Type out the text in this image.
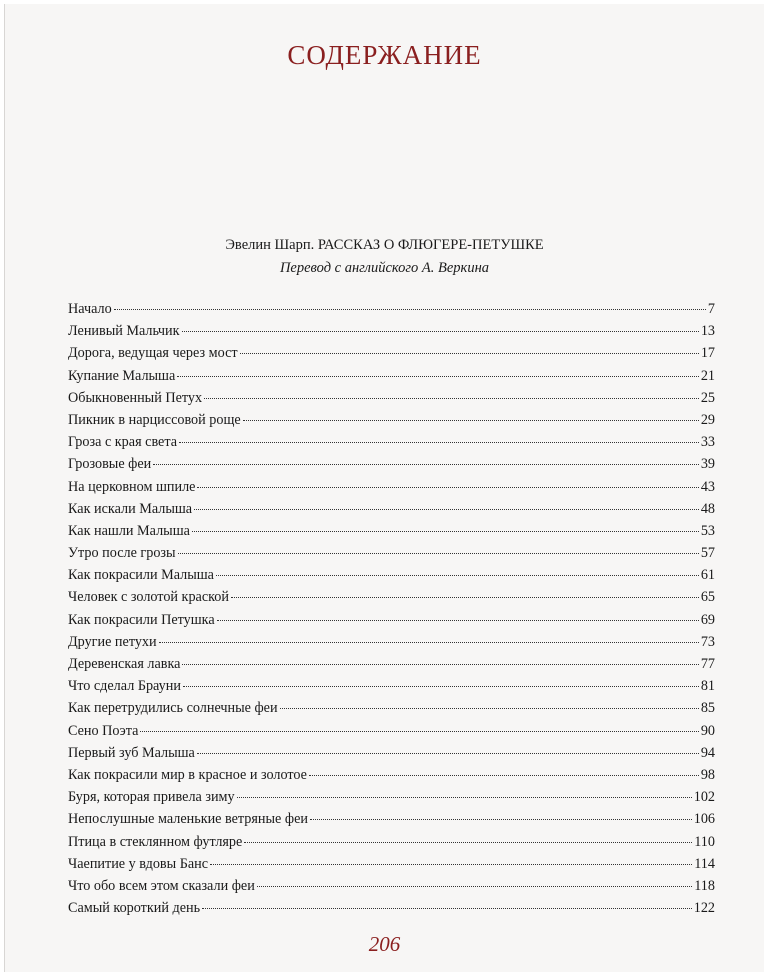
СОДЕРЖАНИЕ
Эвелин Шарп. РАССКАЗ О ФЛЮГЕРЕ-ПЕТУШКЕ
Перевод с английского А. Веркина
Начало	7
Ленивый Мальчик	13
Дорога, ведущая через мост	17
Купание Малыша	21
Обыкновенный Петух	25
Пикник в нарциссовой роще	29
Гроза с края света	33
Грозовые феи	39
На церковном шпиле	43
Как искали Малыша	48
Как нашли Малыша	53
Утро после грозы	57
Как покрасили Малыша	61
Человек с золотой краской	65
Как покрасили Петушка	69
Другие петухи	73
Деревенская лавка	77
Что сделал Брауни	81
Как перетрудились солнечные феи	85
Сено Поэта	90
Первый зуб Малыша	94
Как покрасили мир в красное и золотое	98
Буря, которая привела зиму	102
Непослушные маленькие ветряные феи	106
Птица в стеклянном футляре	110
Чаепитие у вдовы Банс	114
Что обо всем этом сказали феи	118
Самый короткий день	122
206
